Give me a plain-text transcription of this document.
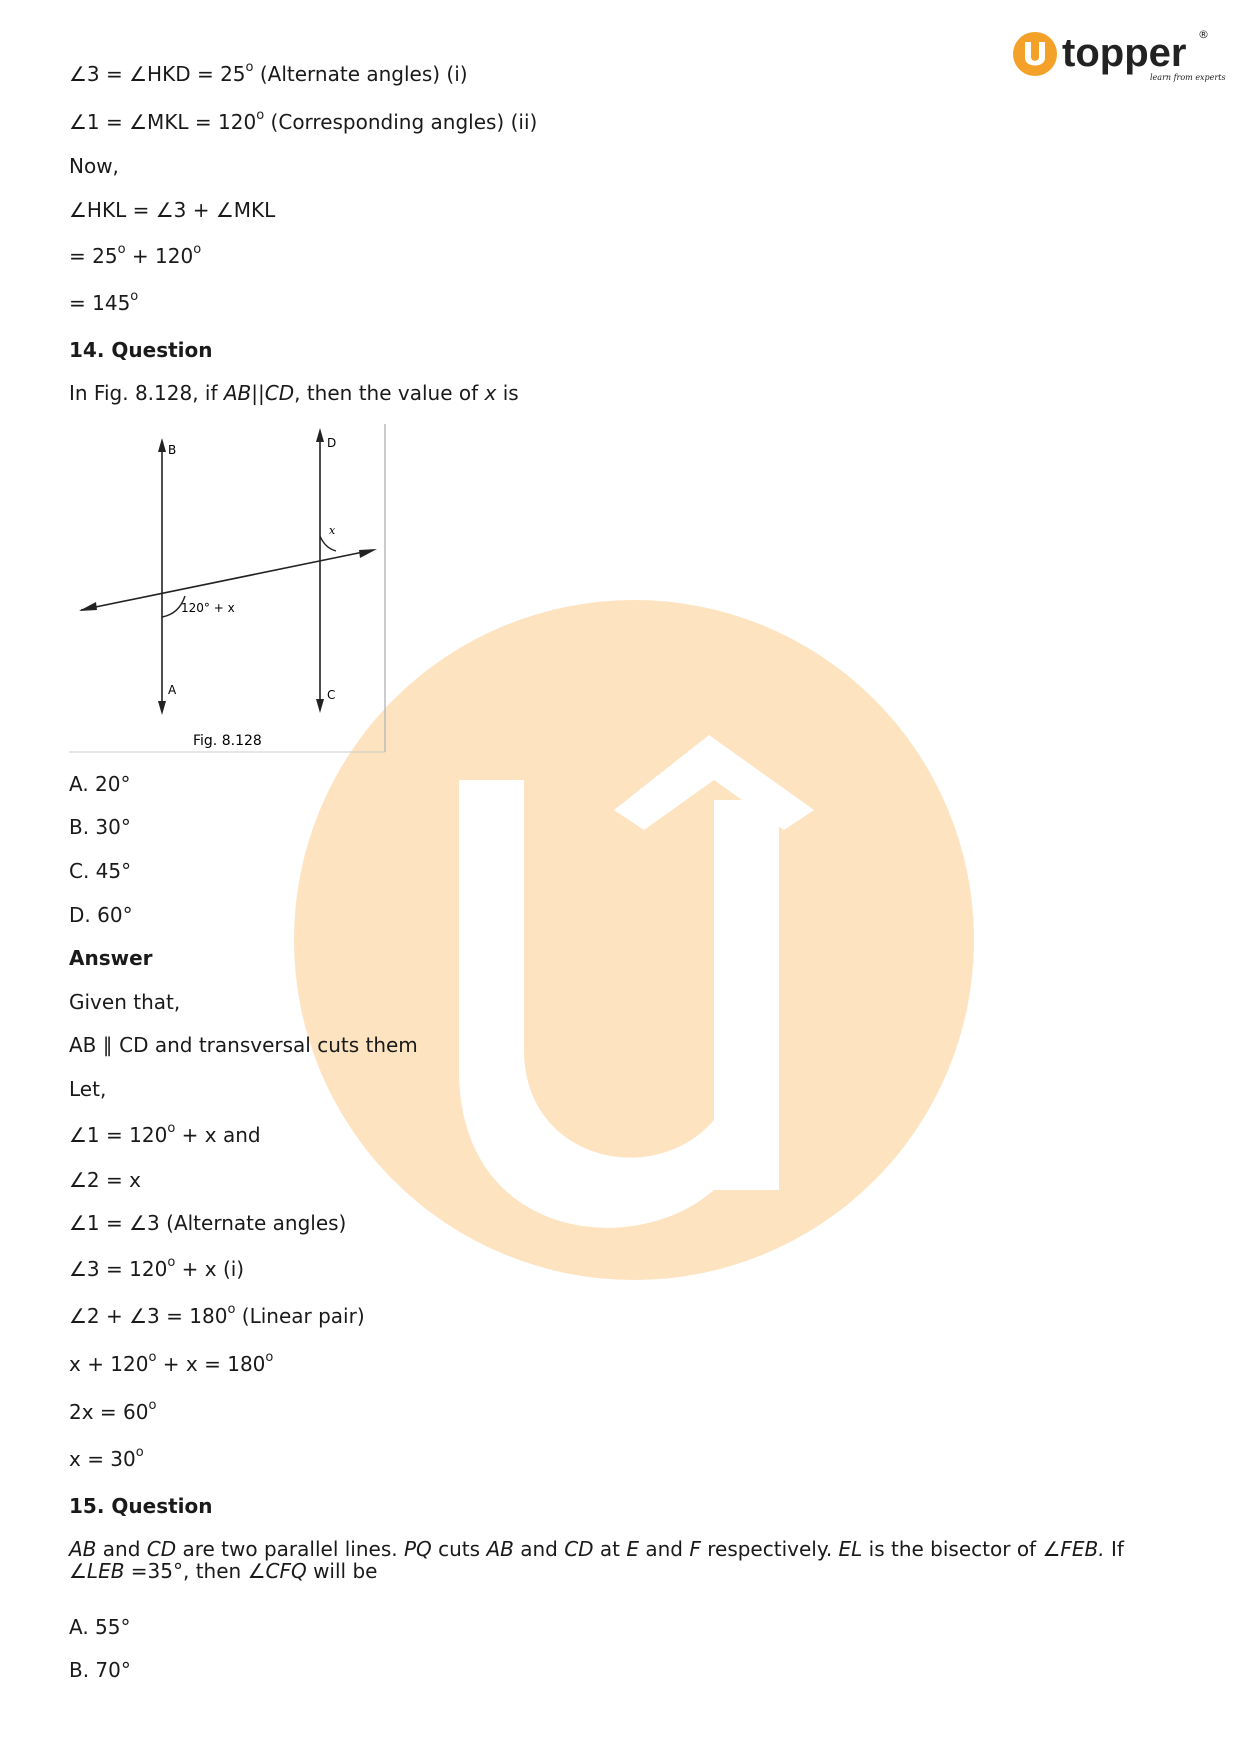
topper ®
learn from experts
B	D
A	C
120° + x
x
Fig. 8.128
∠3 = ∠HKD = $25^o$ (Alternate angles) (i)
∠1 = ∠MKL = $120^o$ (Corresponding angles) (ii)
Now,
∠HKL = ∠3 + ∠MKL
= $25^o + 120^o$
= $145^o$
14. Question
In Fig. 8.128, if AB||CD, then the value of x is
A. 20°
B. 30°
C. 45°
D. 60°
Answer
Given that,
AB ∥ CD and transversal cuts them
Let,
∠1 = $120^o + x$ and
∠2 = x
∠1 = ∠3 (Alternate angles)
∠3 = $120^o + x$ (i)
∠2 + ∠3 = $180^o$ (Linear pair)
$x + 120^o + x = 180^o$
$2x = 60^o$
$x = 30^o$
15. Question
AB and CD are two parallel lines. PQ cuts AB and CD at E and F respectively. EL is the bisector of ∠FEB. If ∠LEB =35°, then ∠CFQ will be
A. 55°
B. 70°
